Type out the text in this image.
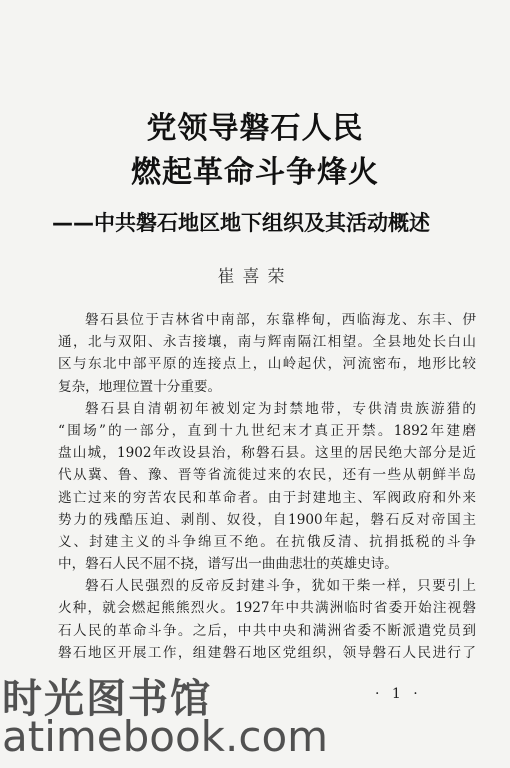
党领导磐石人民
燃起革命斗争烽火
——中共磐石地区地下组织及其活动概述
崔喜荣
磐石县位于吉林省中南部，东靠桦甸，西临海龙、东丰、伊
通，北与双阳、永吉接壤，南与辉南隔江相望。全县地处长白山
区与东北中部平原的连接点上，山岭起伏，河流密布，地形比较
复杂，地理位置十分重要。
磐石县自清朝初年被划定为封禁地带，专供清贵族游猎的
“围场”的一部分，直到十九世纪末才真正开禁。1892年建磨
盘山城，1902年改设县治，称磐石县。这里的居民绝大部分是近
代从冀、鲁、豫、晋等省流徙过来的农民，还有一些从朝鲜半岛
逃亡过来的穷苦农民和革命者。由于封建地主、军阀政府和外来
势力的残酷压迫、剥削、奴役，自1900年起，磐石反对帝国主
义、封建主义的斗争绵亘不绝。在抗俄反清、抗捐抵税的斗争
中，磐石人民不屈不挠，谱写出一曲曲悲壮的英雄史诗。
磐石人民强烈的反帝反封建斗争，犹如干柴一样，只要引上
火种，就会燃起熊熊烈火。1927年中共满洲临时省委开始注视磐
石人民的革命斗争。之后，中共中央和满洲省委不断派遣党员到
磐石地区开展工作，组建磐石地区党组织，领导磐石人民进行了
· 1 ·
时光图书馆
atimebook.com
